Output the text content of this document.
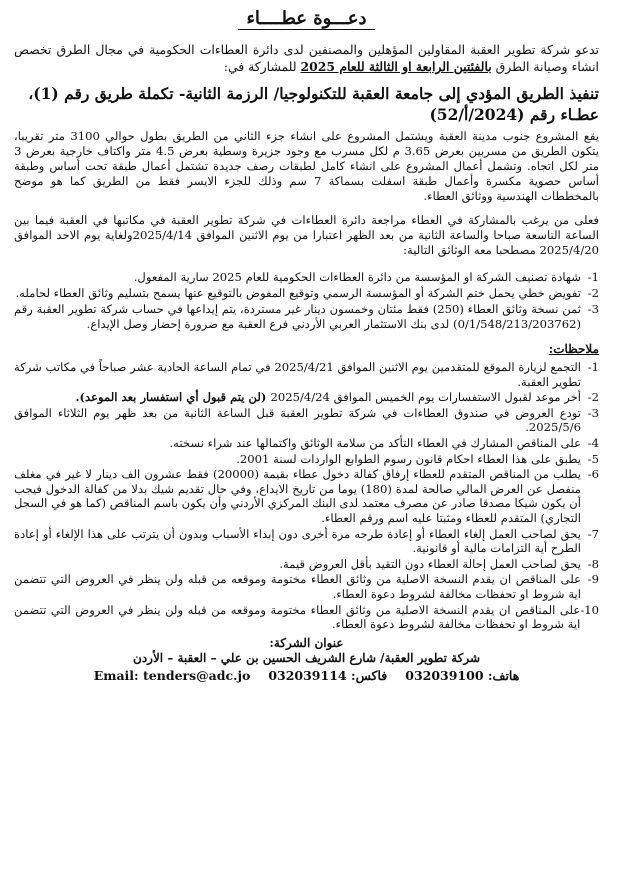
دعـــوة عطــــاء

تدعو شركة تطوير العقبة المقاولين المؤهلين والمصنفين لدى دائرة العطاءات الحكومية في مجال الطرق تخصص انشاء وصيانة الطرق بالفئتين الرابعة او الثالثة للعام 2025 للمشاركة في:

تنفيذ الطريق المؤدي إلى جامعة العقبة للتكنولوجيا/ الرزمة الثانية- تكملة طريق رقم (1)، عطـاء رقم (2024/أ/52)

يقع المشروع جنوب مدينة العقبة ويشتمل المشروع على انشاء جزء الثاني من الطريق بطول حوالي 3100 متر تقريبا، يتكون الطريق من مسربين بعرض 3.65 م لكل مسرب مع وجود جزيرة وسطية بعرض 4.5 متر واكتاف خارجية بعرض 3 متر لكل اتجاه. وتشمل أعمال المشروع على انشاء كامل لطبقات رصف جديدة تشتمل أعمال طبقة تحت أساس وطبقة أساس حصوية مكسرة وأعمال طبقة اسفلت بسماكة 7 سم وذلك للجزء الايسر فقط من الطريق كما هو موضح بالمخططات الهندسية ووثائق العطاء.

فعلى من يرغب بالمشاركة في العطاء مراجعة دائرة العطاءات في شركة تطوير العقبة في مكاتبها في العقبة فيما بين الساعة التاسعة صباحا والساعة الثانية من بعد الظهر اعتبارا من يوم الاثنين الموافق 2025/4/14ولغاية يوم الاحد الموافق 2025/4/20 مصطحبا معه الوثائق التالية:

1-
شهادة تصنيف الشركة او المؤسسة من دائرة العطاءات الحكومية للعام 2025 سارية المفعول.
2-
تفويض خطي يحمل ختم الشركة أو المؤسسة الرسمي وتوقيع المفوض بالتوقيع عنها يسمح بتسليم وثائق العطاء لحامله.
3-
ثمن نسخة وثائق العطاء (250) فقط مئتان وخمسون دينار غير مستردة، يتم إيداعها في حساب شركة تطوير العقبة رقم (0/1/548/213/203762) لدى بنك الاستثمار العربي الأردني فرع العقبة مع ضرورة إحضار وصل الإيداع.
ملاحظات:
1-
التجمع لزيارة الموقع للمتقدمين يوم الاثنين الموافق 2025/4/21 في تمام الساعة الحادية عشر صباحاً في مكاتب شركة تطوير العقبة.
2-
أخر موعد لقبول الاستفسارات يوم الخميس الموافق 2025/4/24 (لن يتم قبول أي استفسار بعد الموعد).
3-
تودع العروض في صندوق العطاءات في شركة تطوير العقبة قبل الساعة الثانية من بعد ظهر يوم الثلاثاء الموافق 2025/5/6.
4-
على المناقص المشارك في العطاء التأكد من سلامة الوثائق واكتمالها عند شراء نسخته.
5-
يطبق على هذا العطاء احكام قانون رسوم الطوابع الواردات لسنة 2001.
6-
يطلب من المناقص المتقدم للعطاء إرفاق كفالة دخول عطاء بقيمة (20000) فقط عشرون الف دينار لا غير في مغلف منفصل عن العرض المالي صالحة لمدة (180) يوما من تاريخ الايداع، وفي حال تقديم شيك بدلا من كفالة الدخول فيجب أن يكون شيكا مصدقا صادر عن مصرف معتمد لدى البنك المركزي الأردني وأن يكون باسم المناقص (كما هو في السجل التجاري) المتقدم للعطاء ومثبتا عليه اسم ورقم العطاء.
7-
يحق لصاحب العمل إلغاء العطاء أو إعادة طرحه مرة أخرى دون إبداء الأسباب وبدون أن يترتب على هذا الإلغاء أو إعادة الطرح أية التزامات مالية أو قانونية.
8-
يحق لصاحب العمل إحالة العطاء دون التقيد بأقل العروض قيمة.
9-
على المناقص ان يقدم النسخة الاصلية من وثائق العطاء مختومة وموقعه من قبله ولن ينظر في العروض التي تتضمن اية شروط او تحفظات مخالفة لشروط دعوة العطاء.
10-
على المناقص ان يقدم النسخة الاصلية من وثائق العطاء مختومة وموقعه من قبله ولن ينظر في العروض التي تتضمن اية شروط او تحفظات مخالفة لشروط دعوة العطاء.
عنوان الشركة:
شركة تطوير العقبة/ شارع الشريف الحسين بن علي – العقبة – الأردن
هاتف: 032039100
فاكس: 032039114
Email: tenders@adc.jo
